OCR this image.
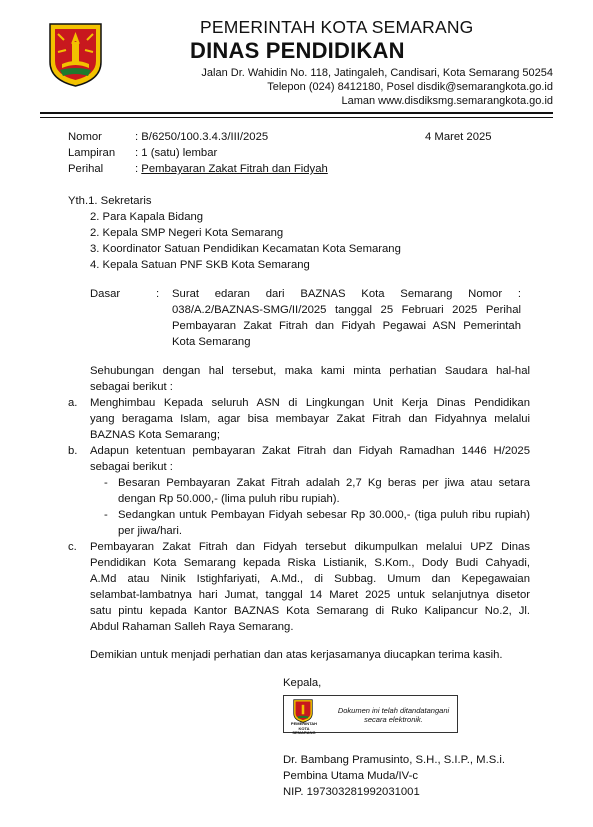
PEMERINTAH KOTA SEMARANG
DINAS PENDIDIKAN
Jalan Dr. Wahidin No. 118, Jatingaleh, Candisari, Kota Semarang 50254
Telepon (024) 8412180, Posel disdik@semarangkota.go.id
Laman www.disdiksmg.semarangkota.go.id
Nomor	: B/6250/100.3.4.3/III/2025	4 Maret 2025
Lampiran : 1 (satu) lembar
Perihal	: Pembayaran Zakat Fitrah dan Fidyah
Yth.1. Sekretaris
2. Para Kapala Bidang
2. Kepala SMP Negeri Kota Semarang
3. Koordinator Satuan Pendidikan Kecamatan Kota Semarang
4. Kepala Satuan PNF SKB Kota Semarang
Dasar	: Surat edaran dari BAZNAS Kota Semarang Nomor :
038/A.2/BAZNAS-SMG/II/2025 tanggal 25 Februari 2025 Perihal
Pembayaran Zakat Fitrah dan Fidyah Pegawai ASN Pemerintah
Kota Semarang
Sehubungan dengan hal tersebut, maka kami minta perhatian Saudara hal-hal
sebagai berikut :
a. Menghimbau Kepada seluruh ASN di Lingkungan Unit Kerja Dinas Pendidikan
yang beragama Islam, agar bisa membayar Zakat Fitrah dan Fidyahnya melalui
BAZNAS Kota Semarang;
b. Adapun ketentuan pembayaran Zakat Fitrah dan Fidyah Ramadhan 1446 H/2025
sebagai berikut :
- Besaran Pembayaran Zakat Fitrah adalah 2,7 Kg beras per jiwa atau setara
dengan Rp 50.000,- (lima puluh ribu rupiah).
- Sedangkan untuk Pembayan Fidyah sebesar Rp 30.000,- (tiga puluh ribu rupiah)
per jiwa/hari.
c. Pembayaran Zakat Fitrah dan Fidyah tersebut dikumpulkan melalui UPZ Dinas
Pendidikan Kota Semarang kepada Riska Listianik, S.Kom., Dody Budi Cahyadi,
A.Md atau Ninik Istighfariyati, A.Md., di Subbag. Umum dan Kepegawaian
selambat-lambatnya hari Jumat, tanggal 14 Maret 2025 untuk selanjutnya disetor
satu pintu kepada Kantor BAZNAS Kota Semarang di Ruko Kalipancur No.2, Jl.
Abdul Rahaman Salleh Raya Semarang.
Demikian untuk menjadi perhatian dan atas kerjasamanya diucapkan terima kasih.
Kepala,
PEMERINTAH
KOTA SEMARANG
Dokumen ini telah ditandatangani
secara elektronik.
Dr. Bambang Pramusinto, S.H., S.I.P., M.S.i.
Pembina Utama Muda/IV-c
NIP. 197303281992031001
